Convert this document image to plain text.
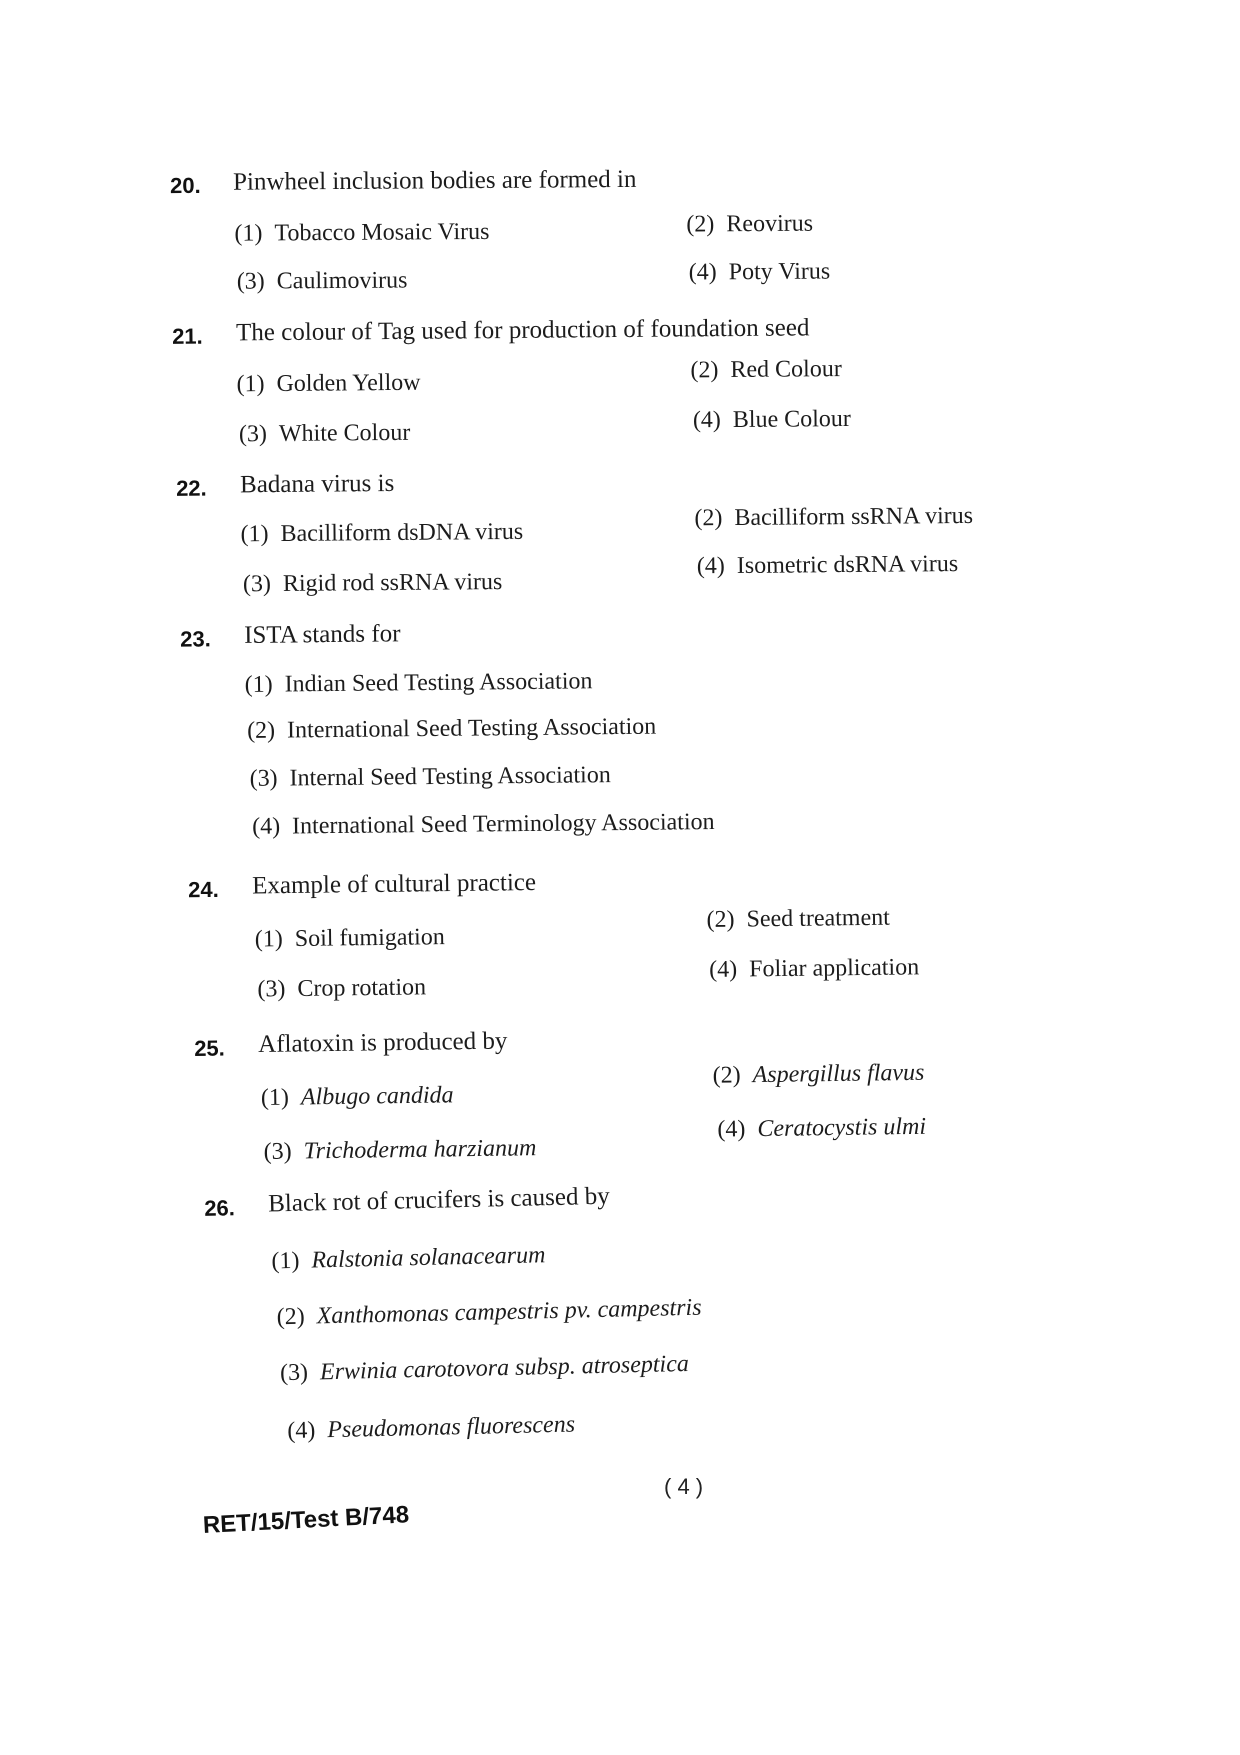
20. Pinwheel inclusion bodies are formed in
(1) Tobacco Mosaic Virus	(2) Reovirus
(3) Caulimovirus	(4) Poty Virus
21. The colour of Tag used for production of foundation seed
(1) Golden Yellow	(2) Red Colour
(3) White Colour	(4) Blue Colour
22. Badana virus is
(1) Bacilliform dsDNA virus
(2) Bacilliform ssRNA virus
(3) Rigid rod ssRNA virus
(4) Isometric dsRNA virus
23. ISTA stands for
(1) Indian Seed Testing Association
(2) International Seed Testing Association
(3) Internal Seed Testing Association
(4) International Seed Terminology Association
24. Example of cultural practice
(1) Soil fumigation
(2) Seed treatment
(3) Crop rotation
(4) Foliar application
25. Aflatoxin is produced by
(1) Albugo candida
(2) Aspergillus flavus
(3) Trichoderma harzianum
(4) Ceratocystis ulmi
26. Black rot of crucifers is caused by
(1) Ralstonia solanacearum
(2) Xanthomonas campestris pv. campestris
(3) Erwinia carotovora subsp. atroseptica
(4) Pseudomonas fluorescens
( 4 )
RET/15/Test B/748
